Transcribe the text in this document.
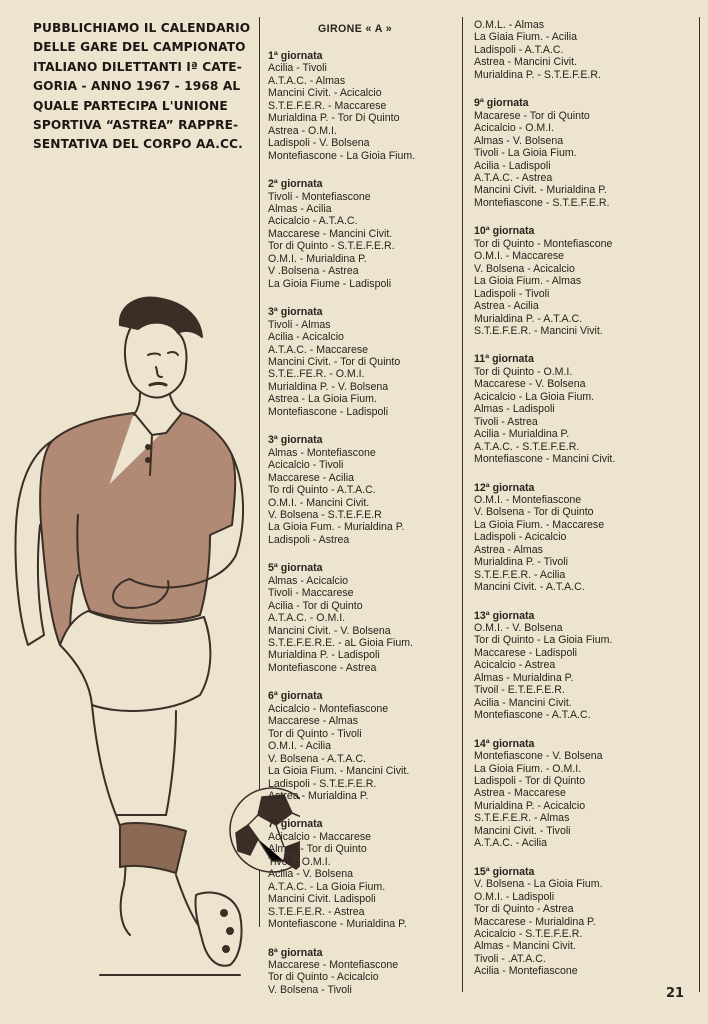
PUBBLICHIAMO IL CALENDARIO
DELLE GARE DEL CAMPIONATO
ITALIANO DILETTANTI Iª CATE-
GORIA - ANNO 1967 - 1968 AL
QUALE PARTECIPA L'UNIONE
SPORTIVA “ASTREA” RAPPRE-
SENTATIVA DEL CORPO AA.CC.
GIRONE « A »
1ª giornata
Acilia - Tivoli
A.T.A.C. - Almas
Mancini Civit. - Acicalcio
S.T.E.F.E.R. - Maccarese
Murialdina P. - Tor Di Quinto
Astrea - O.M.I.
Ladispoli - V. Bolsena
Montefiascone - La Gioia Fium.
2ª giornata
Tivoli - Montefiascone
Almas - Acilia
Acicalcio - A.T.A.C.
Maccarese - Mancini Civit.
Tor di Quinto - S.T.E.F.E.R.
O.M.I. - Murialdina P.
V .Bolsena - Astrea
La Gioia Fiume - Ladispoli
3ª giornata
Tivoli - Almas
Acilia - Acicalcio
A.T.A.C. - Maccarese
Mancini Civit. - Tor di Quinto
S.T.E..FE.R. - O.M.I.
Murialdina P. - V. Bolsena
Astrea - La Gioia Fium.
Montefiascone - Ladispoli
3ª giornata
Almas - Montefiascone
Acicalcio - Tivoli
Maccarese - Acilia
To rdi Quinto - A.T.A.C.
O.M.I. - Mancini Civit.
V. Bolsena - S.T.E.F.E.R
La Gioia Fum. - Murialdina P.
Ladispoli - Astrea
5ª giornata
Almas - Acicalcio
Tivoli - Maccarese
Acilia - Tor di Quinto
A.T.A.C. - O.M.I.
Mancini Civit. - V. Bolsena
S.T.E.F.E.R.E. - aL Gioia Fium.
Murialdina P. - Ladispoli
Montefiascone - Astrea
6ª giornata
Acicalcio - Montefiascone
Maccarese - Almas
Tor di Quinto - Tivoli
O.M.I. - Acilia
V. Bolsena - A.T.A.C.
La Gioia Fium. - Mancini Civit.
Ladispoli - S.T.E.F.E.R.
Astrea - Murialdina P.
7ª giornata
Acicalcio - Maccarese
Almas - Tor di Quinto
Tivoli - O.M.I.
Acilia - V. Bolsena
A.T.A.C. - La Gioia Fium.
Mancini Civit. Ladispoli
S.T.E.F.E.R. - Astrea
Montefiascone - Murialdina P.
8ª giornata
Maccarese - Montefiascone
Tor di Quinto - Acicalcio
V. Bolsena - Tivoli
O.M.L. - Almas
La Giaia Fium. - Acilia
Ladispoli - A.T.A.C.
Astrea - Mancini Civit.
Murialdina P. - S.T.E.F.E.R.
9ª giornata
Macarese - Tor di Quinto
Acicalcio - O.M.I.
Almas - V. Bolsena
Tivoli - La Gioia Fium.
Acilia - Ladispoli
A.T.A.C. - Astrea
Mancini Civit. - Murialdina P.
Montefiascone - S.T.E.F.E.R.
10ª giornata
Tor di Quinto - Montefiascone
O.M.I. - Maccarese
V. Bolsena - Acicalcio
La Gioia Fium. - Almas
Ladispoli - Tivoli
Astrea - Acilia
Murialdina P. - A.T.A.C.
S.T.E.F.E.R. - Mancini Vivit.
11ª giornata
Tor di Quinto - O.M.I.
Maccarese - V. Bolsena
Acicalcio - La Gioia Fium.
Almas - Ladispoli
Tivoli - Astrea
Acilia - Murialdina P.
A.T.A.C. - S.T.E.F.E.R.
Montefiascone - Mancini Civit.
12ª giornata
O.M.I. - Montefiascone
V. Bolsena - Tor di Quinto
La Gioia Fium. - Maccarese
Ladispoli - Acicalcio
Astrea - Almas
Murialdina P. - Tivoli
S.T.E.F.E.R. - Acilia
Mancini Civit. - A.T.A.C.
13ª giornata
O.M.I. - V. Bolsena
Tor di Quinto - La Gioia Fium.
Maccarese - Ladispoli
Acicalcio - Astrea
Almas - Murialdina P.
Tivoil - E.T.E.F.E.R.
Acilia - Mancini Civit.
Montefiascone - A.T.A.C.
14ª giornata
Montefiascone - V. Bolsena
La Gioia Fium. - O.M.I.
Ladispoli - Tor di Quinto
Astrea - Maccarese
Murialdina P. - Acicalcio
S.T.E.F.E.R. - Almas
Mancini Civit. - Tivoli
A.T.A.C. - Acilia
15ª giornata
V. Bolsena - La Gioia Fium.
O.M.I. - Ladispoli
Tor di Quinto - Astrea
Maccarese - Murialdina P.
Acicalcio - S.T.E.F.E.R.
Almas - Mancini Civit.
Tivoli - .AT.A.C.
Acilia - Montefiascone
21
